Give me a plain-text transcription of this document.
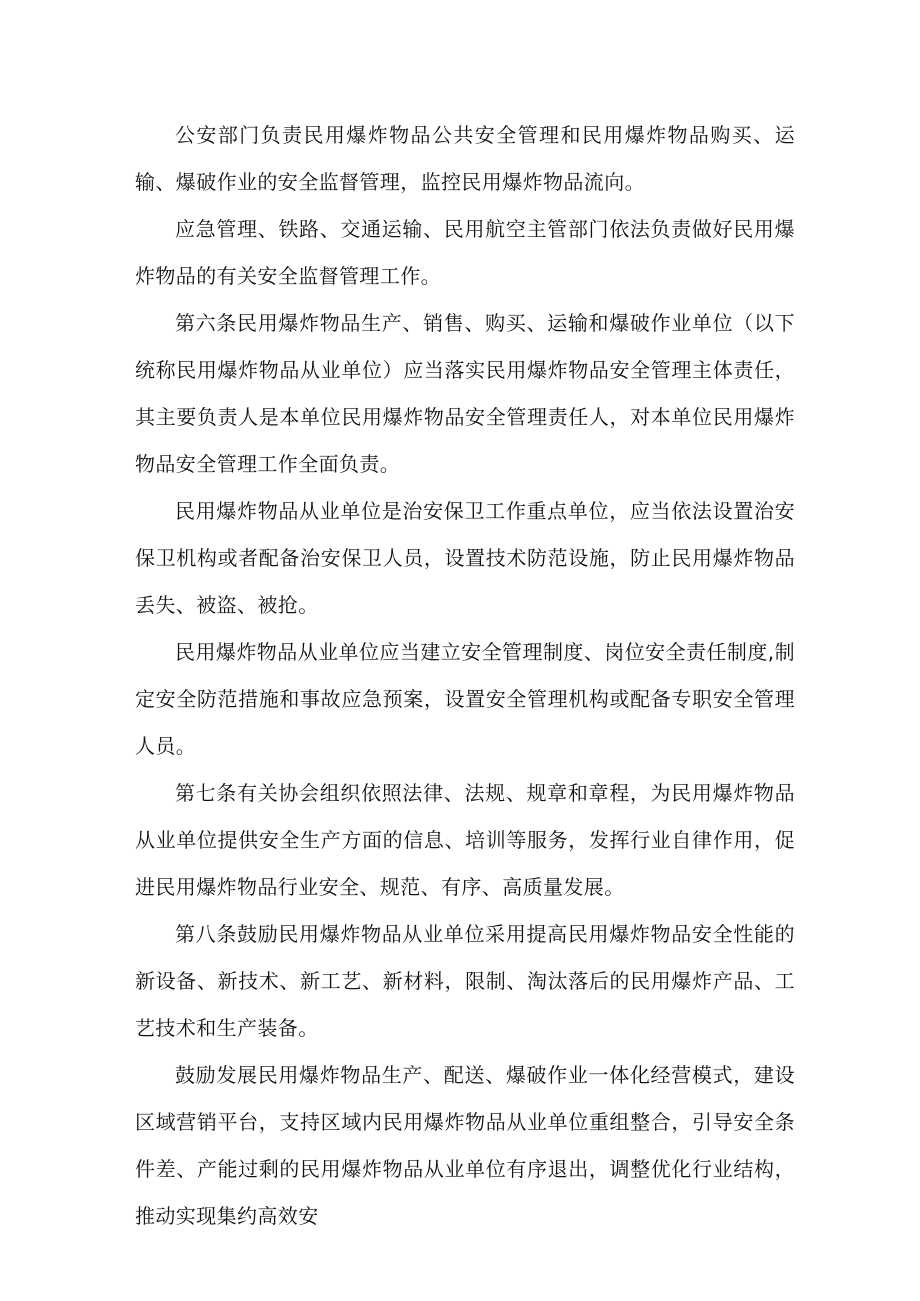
公安部门负责民用爆炸物品公共安全管理和民用爆炸物品购买、运输、爆破作业的安全监督管理，监控民用爆炸物品流向。

应急管理、铁路、交通运输、民用航空主管部门依法负责做好民用爆炸物品的有关安全监督管理工作。

第六条民用爆炸物品生产、销售、购买、运输和爆破作业单位（以下统称民用爆炸物品从业单位）应当落实民用爆炸物品安全管理主体责任，其主要负责人是本单位民用爆炸物品安全管理责任人，对本单位民用爆炸物品安全管理工作全面负责。

民用爆炸物品从业单位是治安保卫工作重点单位，应当依法设置治安保卫机构或者配备治安保卫人员，设置技术防范设施，防止民用爆炸物品丢失、被盗、被抢。

民用爆炸物品从业单位应当建立安全管理制度、岗位安全责任制度,制定安全防范措施和事故应急预案，设置安全管理机构或配备专职安全管理人员。

第七条有关协会组织依照法律、法规、规章和章程，为民用爆炸物品从业单位提供安全生产方面的信息、培训等服务，发挥行业自律作用，促进民用爆炸物品行业安全、规范、有序、高质量发展。

第八条鼓励民用爆炸物品从业单位采用提高民用爆炸物品安全性能的新设备、新技术、新工艺、新材料，限制、淘汰落后的民用爆炸产品、工艺技术和生产装备。

鼓励发展民用爆炸物品生产、配送、爆破作业一体化经营模式，建设区域营销平台，支持区域内民用爆炸物品从业单位重组整合，引导安全条件差、产能过剩的民用爆炸物品从业单位有序退出，调整优化行业结构，推动实现集约高效安
